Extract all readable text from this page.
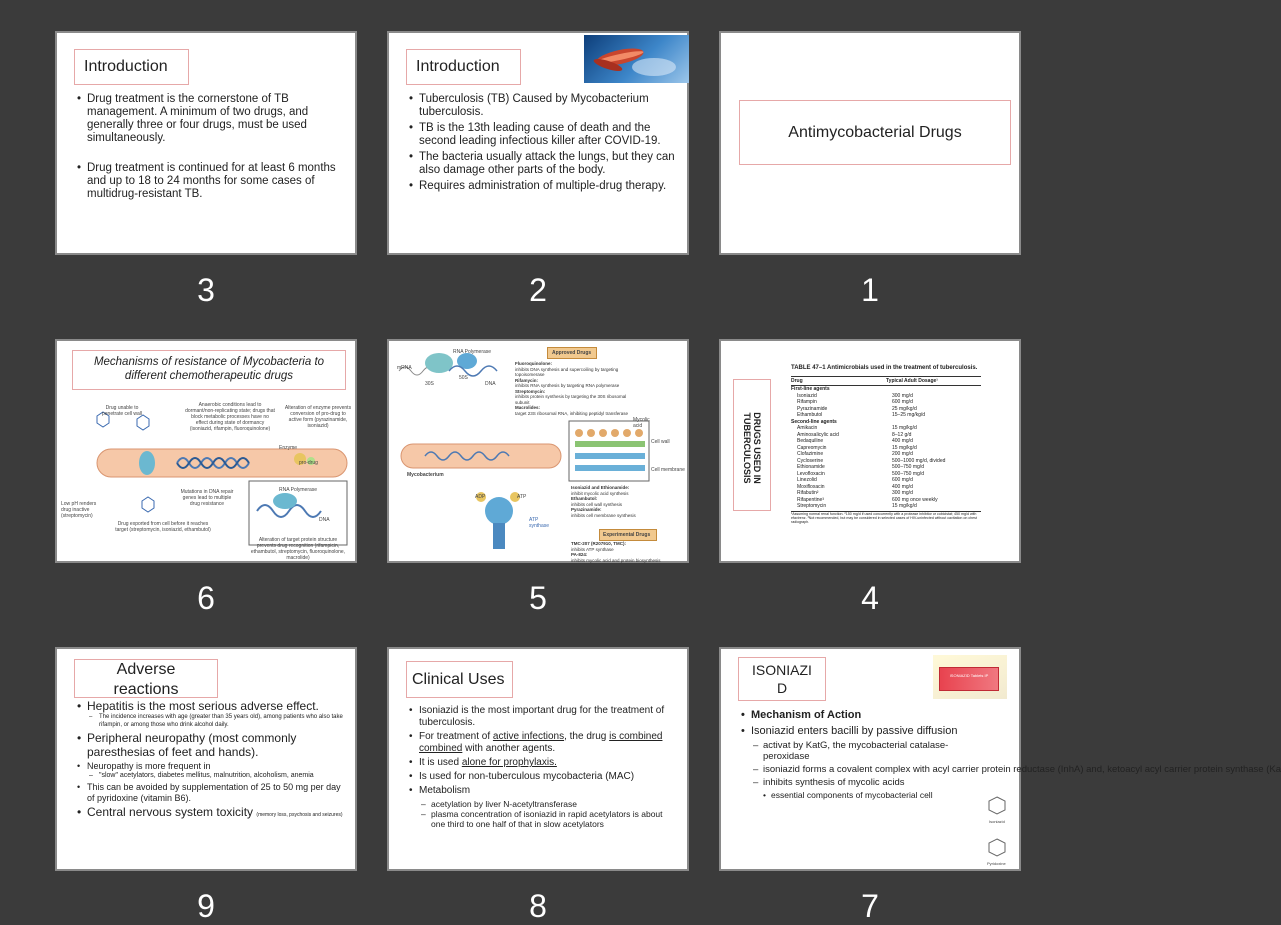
Introduction
• Drug treatment is the cornerstone of TB management. A minimum of two drugs, and generally three or four drugs, must be used simultaneously.
• Drug treatment is continued for at least 6 months and up to 18 to 24 months for some cases of multidrug-resistant TB.
3
Introduction
• Tuberculosis (TB) Caused by Mycobacterium tuberculosis.
• TB is the 13th leading cause of death and the second leading infectious killer after COVID-19.
• The bacteria usually attack the lungs, but they can also damage other parts of the body.
• Requires administration of multiple-drug therapy.
2
Antimycobacterial Drugs
1
Mechanisms of resistance of Mycobacteria to different chemotherapeutic drugs
Drug unable to penetrate cell wall
Anaerobic conditions lead to dormant/non-replicating state; drugs that block metabolic processes have no effect during state of dormancy (isoniazid, rifampin, fluoroquinolone)
Alteration of enzyme prevents conversion of pro-drug to active form (pyrazinamide, isoniazid)
Enzyme
pro-drug
Low pH renders drug inactive (streptomycin)
Mutations in DNA repair genes lead to multiple drug resistance
RNA Polymerase
DNA
Drug exported from cell before it reaches target (streptomycin, isoniazid, ethambutol)
Alteration of target protein structure prevents drug recognition (rifampicin, ethambutol, streptomycin, fluoroquinolone, macrolide)
6
RNA Polymerase
mRNA
30S
50S
DNA
Approved Drugs
Fluoroquinolone:
inhibits DNA synthesis and supercoiling by targeting topoisomerase
Rifamycin:
inhibits RNA synthesis by targeting RNA polymerase
Streptomycin:
inhibits protein synthesis by targeting the 30S ribosomal subunit
Macrolides:
target 23S ribosomal RNA, inhibiting peptidyl transferase
Mycolic acid
Cell wall
Cell membrane
Mycobacterium
Isoniazid and Ethionamide:
inhibit mycolic acid synthesis
Ethambutol:
inhibits cell wall synthesis
Pyrazinamide:
inhibits cell membrane synthesis
Experimental Drugs
TMC-207 (R207910, TMC):
inhibits ATP synthase
PA-824:
inhibits mycolic acid and protein biosynthesis
ADP	ATP
ATP synthase
5
DRUGS USED IN TUBERCULOSIS
TABLE 47–1 Antimicrobials used in the treatment of tuberculosis.
Drug	Typical Adult Dosage¹
First-line agents
Isoniazid	300 mg/d
Rifampin	600 mg/d
Pyrazinamide	25 mg/kg/d
Ethambutol	15–25 mg/kg/d
Second-line agents
Amikacin	15 mg/kg/d
Aminosalicylic acid	8–12 g/d
Bedaquiline	400 mg/d
Capreomycin	15 mg/kg/d
Clofazimine	200 mg/d
Cycloserine	500–1000 mg/d, divided
Ethionamide	500–750 mg/d
Levofloxacin	500–750 mg/d
Linezolid	600 mg/d
Moxifloxacin	400 mg/d
Rifabutin²	300 mg/d
Rifapentine³	600 mg once weekly
Streptomycin	15 mg/kg/d
¹Assuming normal renal function. ²150 mg/d if used concurrently with a protease inhibitor or cobicistat; 450 mg/d with efavirenz. ³Not recommended, but may be considered in selected cases of HIV-uninfected without cavitation on chest radiograph.
4
Adverse reactions
• Hepatitis is the most serious adverse effect.
– The incidence increases with age (greater than 35 years old), among patients who also take rifampin, or among those who drink alcohol daily.
• Peripheral neuropathy (most commonly paresthesias of feet and hands).
• Neuropathy is more frequent in
– "slow" acetylators, diabetes mellitus, malnutrition, alcoholism, anemia
• This can be avoided by supplementation of 25 to 50 mg per day of pyridoxine (vitamin B6).
• Central nervous system toxicity (memory loss, psychosis and seizures)
9
Clinical Uses
• Isoniazid is the most important drug for the treatment of tuberculosis.
• For treatment of active infections, the drug is combined combined with another agents.
• It is used alone for prophylaxis.
• Is used for non-tuberculous mycobacteria (MAC)
• Metabolism
– acetylation by liver N-acetyltransferase
– plasma concentration of isoniazid in rapid acetylators is about one third to one half of that in slow acetylators
8
ISONIAZI
D
ISONIAZID Tablets IP
• Mechanism of Action
• Isoniazid enters bacilli by passive diffusion
– activat by KatG, the mycobacterial catalase-peroxidase
– isoniazid forms a covalent complex with acyl carrier protein reductase (InhA) and, ketoacyl acyl carrier protein synthase (Ka
– inhibits synthesis of mycolic acids
• essential components of mycobacterial cell
Isoniazid
Pyridoxine
7
